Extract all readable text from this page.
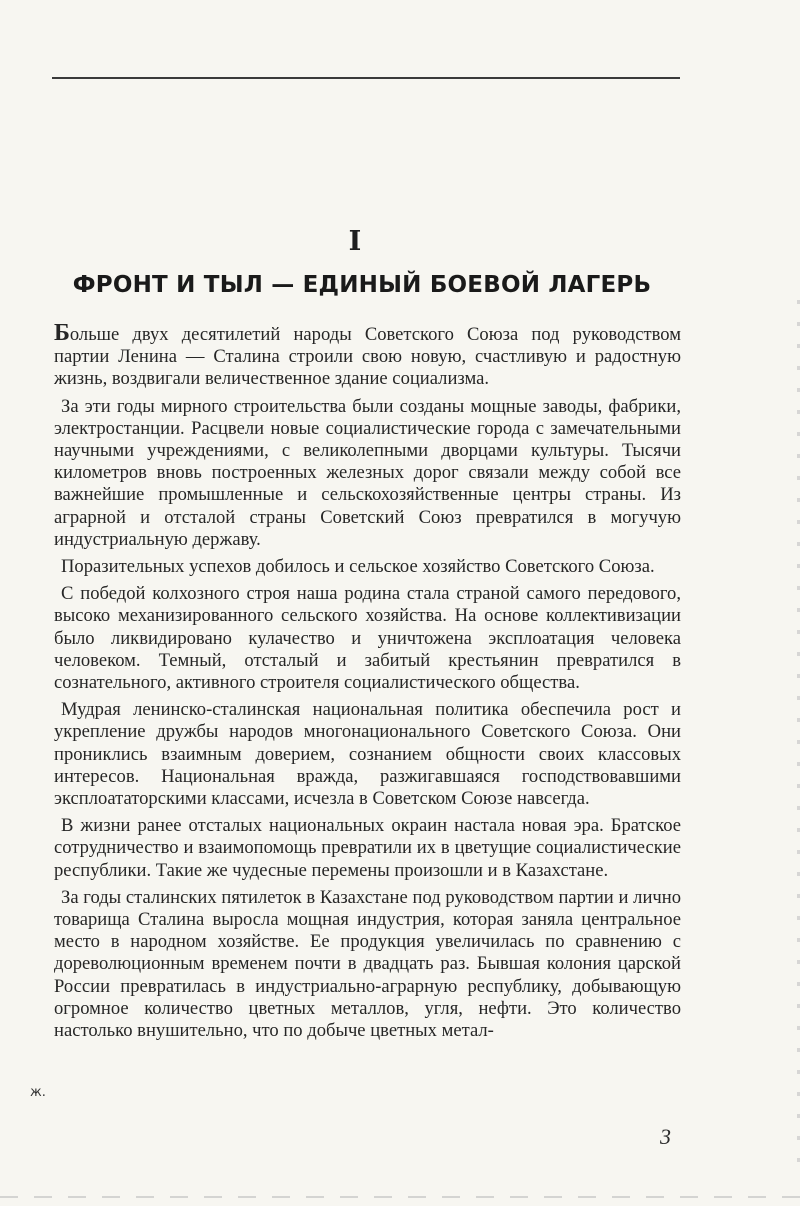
I
ФРОНТ И ТЫЛ — ЕДИНЫЙ БОЕВОЙ ЛАГЕРЬ

Больше двух десятилетий народы Советского Союза под руководством партии Ленина — Сталина строили свою новую, счастливую и радостную жизнь, воздвигали величественное здание социализма.

За эти годы мирного строительства были созданы мощные заводы, фабрики, электростанции. Расцвели новые социалистические города с замечательными научными учреждениями, с великолепными дворцами культуры. Тысячи километров вновь построенных железных дорог связали между собой все важнейшие промышленные и сельскохозяйственные центры страны. Из аграрной и отсталой страны Советский Союз превратился в могучую индустриальную державу.

Поразительных успехов добилось и сельское хозяйство Советского Союза.

С победой колхозного строя наша родина стала страной самого передового, высоко механизированного сельского хозяйства. На основе коллективизации было ликвидировано кулачество и уничтожена эксплоатация человека человеком. Темный, отсталый и забитый крестьянин превратился в сознательного, активного строителя социалистического общества.

Мудрая ленинско-сталинская национальная политика обеспечила рост и укрепление дружбы народов многонационального Советского Союза. Они прониклись взаимным доверием, сознанием общности своих классовых интересов. Национальная вражда, разжигавшаяся господствовавшими эксплоататорскими классами, исчезла в Советском Союзе навсегда.

В жизни ранее отсталых национальных окраин настала новая эра. Братское сотрудничество и взаимопомощь превратили их в цветущие социалистические республики. Такие же чудесные перемены произошли и в Казахстане.

За годы сталинских пятилеток в Казахстане под руководством партии и лично товарища Сталина выросла мощная индустрия, которая заняла центральное место в народном хозяйстве. Ее продукция увеличилась по сравнению с дореволюционным временем почти в двадцать раз. Бывшая колония царской России превратилась в индустриально-аграрную республику, добывающую огромное количество цветных металлов, угля, нефти. Это количество настолько внушительно, что по добыче цветных метал-

ж.
3
